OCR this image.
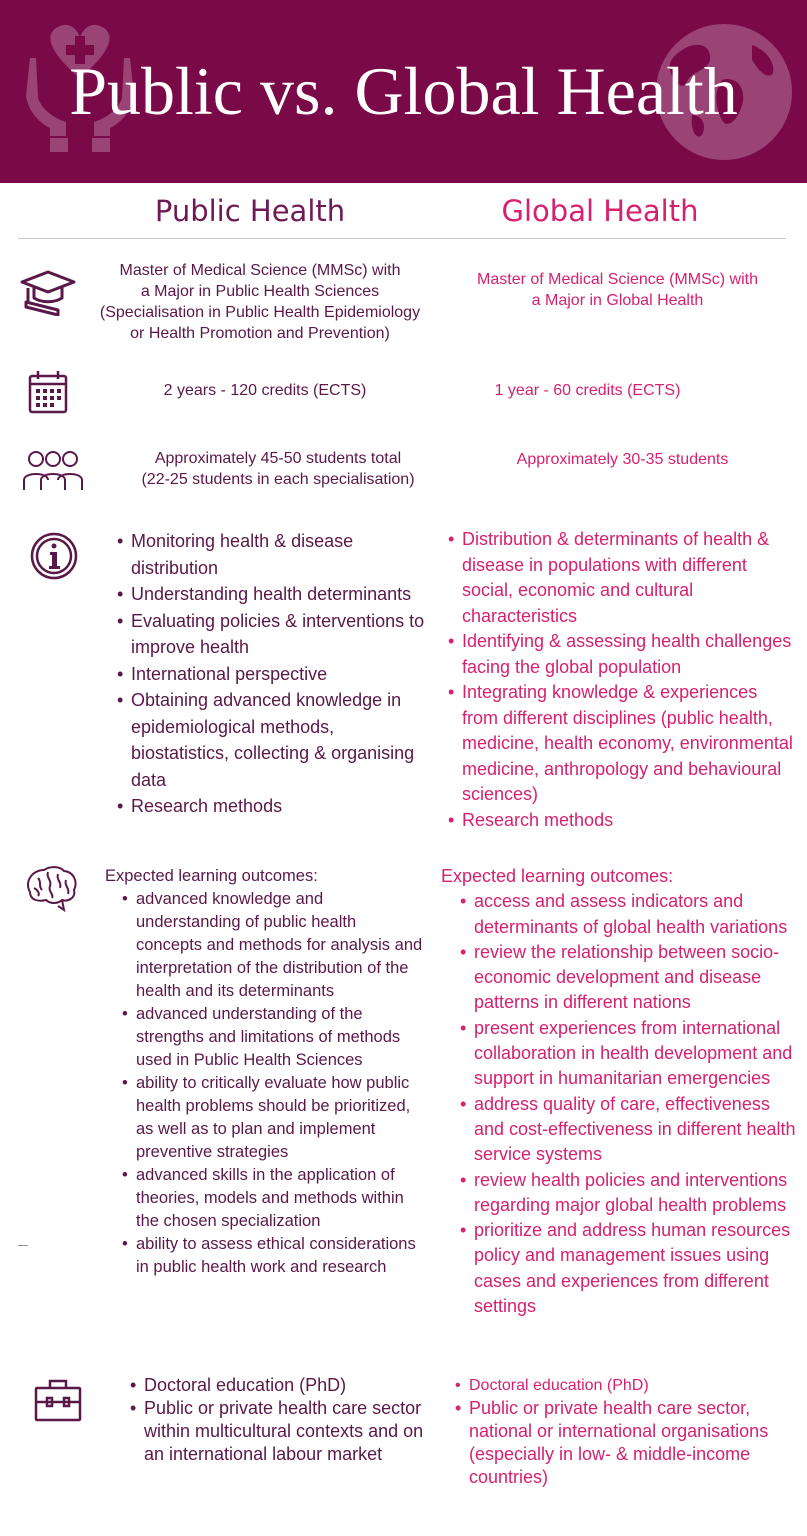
Public vs. Global Health
Public Health	Global Health
Master of Medical Science (MMSc) with
a Major in Public Health Sciences
(Specialisation in Public Health Epidemiology
or Health Promotion and Prevention)
Master of Medical Science (MMSc) with
a Major in Global Health
2 years - 120 credits (ECTS)	1 year - 60 credits (ECTS)
Approximately 45-50 students total
(22-25 students in each specialisation)
Approximately 30-35 students
• Monitoring health & disease distribution
• Understanding health determinants
• Evaluating policies & interventions to improve health
• International perspective
• Obtaining advanced knowledge in epidemiological methods, biostatistics, collecting & organising data
• Research methods
• Distribution & determinants of health & disease in populations with different social, economic and cultural characteristics
• Identifying & assessing health challenges facing the global population
• Integrating knowledge & experiences from different disciplines (public health, medicine, health economy, environmental medicine, anthropology and behavioural sciences)
• Research methods

Expected learning outcomes:

• advanced knowledge and understanding of public health concepts and methods for analysis and interpretation of the distribution of the health and its determinants
• advanced understanding of the strengths and limitations of methods used in Public Health Sciences
• ability to critically evaluate how public health problems should be prioritized, as well as to plan and implement preventive strategies
• advanced skills in the application of theories, models and methods within the chosen specialization
• ability to assess ethical considerations in public health work and research

Expected learning outcomes:

• access and assess indicators and determinants of global health variations
• review the relationship between socio-economic development and disease patterns in different nations
• present experiences from international collaboration in health development and support in humanitarian emergencies
• address quality of care, effectiveness and cost-effectiveness in different health service systems
• review health policies and interventions regarding major global health problems
• prioritize and address human resources policy and management issues using cases and experiences from different settings
• Doctoral education (PhD)
• Public or private health care sector within multicultural contexts and on an international labour market
• Doctoral education (PhD)
• Public or private health care sector, national or international organisations (especially in low- & middle-income countries)
